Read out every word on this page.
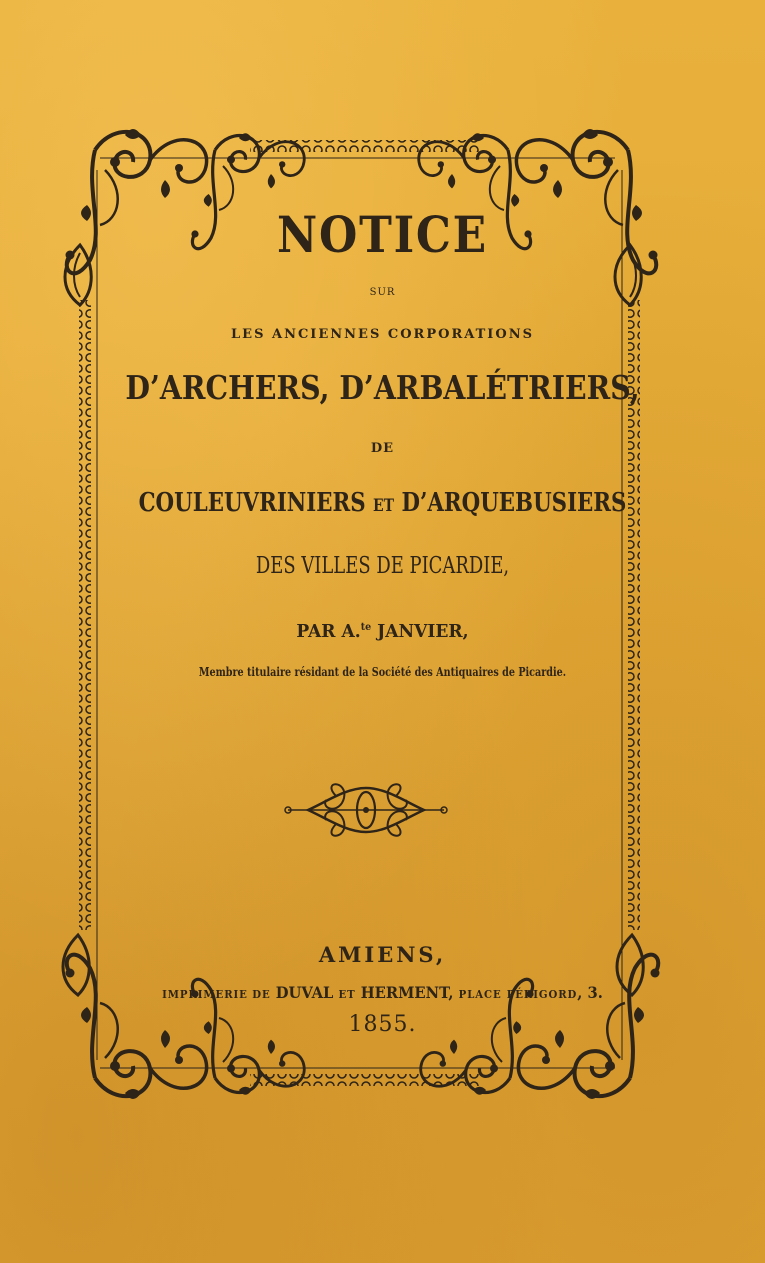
NOTICE
SUR
LES ANCIENNES CORPORATIONS
D’ARCHERS, D’ARBALÉTRIERS,
DE
COULEUVRINIERS ET D’ARQUEBUSIERS
DES VILLES DE PICARDIE,
PAR A.$^{te}$ JANVIER,
Membre titulaire résidant de la Société des Antiquaires de Picardie.
AMIENS,
IMPRIMERIE DE DUVAL ET HERMENT, PLACE PÉRIGORD, 3.
1855.
